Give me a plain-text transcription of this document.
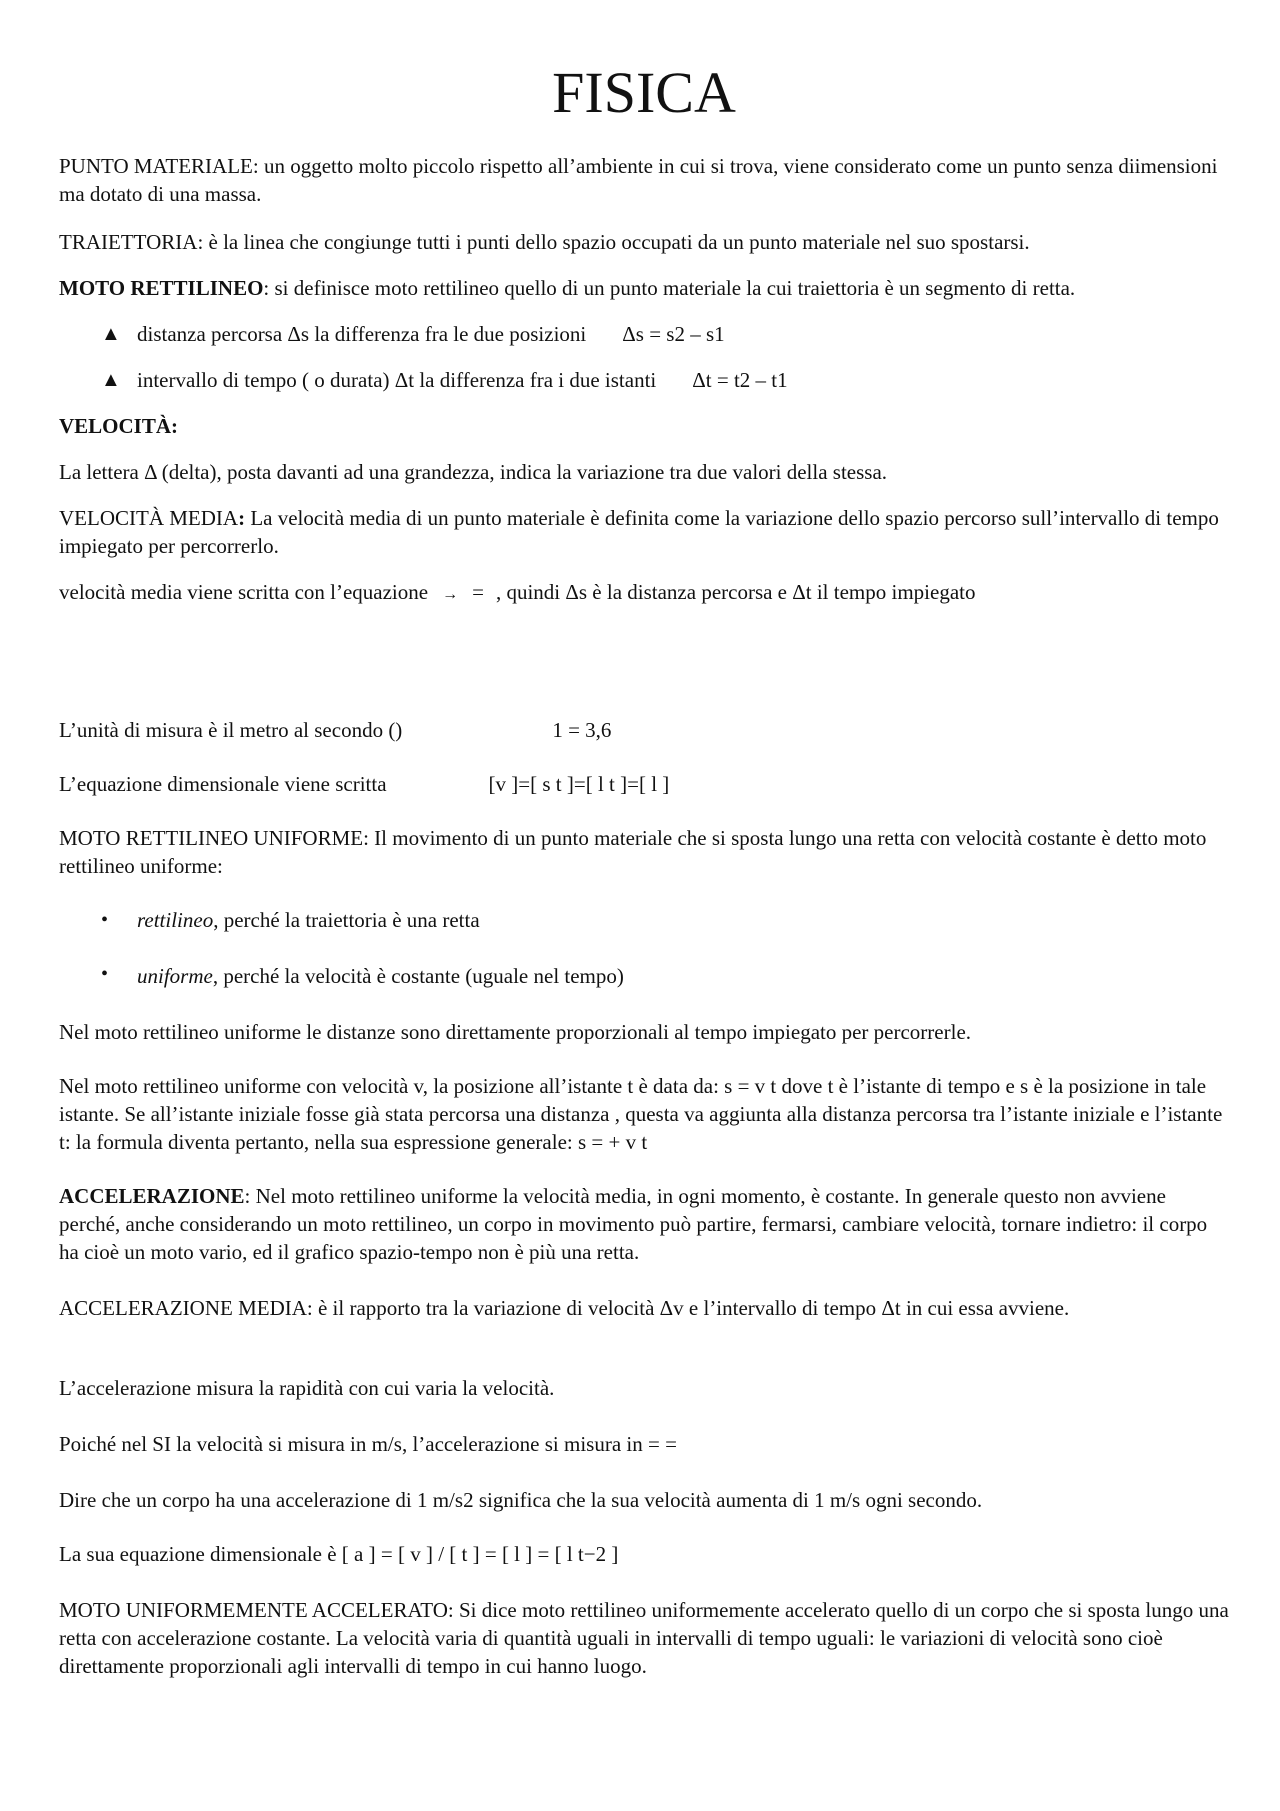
FISICA
PUNTO MATERIALE: un oggetto molto piccolo rispetto all’ambiente in cui si trova, viene considerato come un punto senza diimensioni ma dotato di una massa.
TRAIETTORIA: è la linea che congiunge tutti i punti dello spazio occupati da un punto materiale nel suo spostarsi.
MOTO RETTILINEO: si definisce moto rettilineo quello di un punto materiale la cui traiettoria è un segmento di retta.
▲ distanza percorsa Δs la differenza fra le due posizioni Δs = s2 – s1
▲ intervallo di tempo ( o durata) Δt la differenza fra i due istanti Δt = t2 – t1
VELOCITÀ:
La lettera Δ (delta), posta davanti ad una grandezza, indica la variazione tra due valori della stessa.
VELOCITÀ MEDIA: La velocità media di un punto materiale è definita come la variazione dello spazio percorso sull’intervallo di tempo impiegato per percorrerlo.
velocità media viene scritta con l’equazione → = , quindi Δs è la distanza percorsa e Δt il tempo impiegato
L’unità di misura è il metro al secondo ()	1 = 3,6
L’equazione dimensionale viene scritta	[v ]=[ s t ]=[ l t ]=[ l ]
MOTO RETTILINEO UNIFORME: Il movimento di un punto materiale che si sposta lungo una retta con velocità costante è detto moto rettilineo uniforme:
• rettilineo, perché la traiettoria è una retta
• uniforme, perché la velocità è costante (uguale nel tempo)
Nel moto rettilineo uniforme le distanze sono direttamente proporzionali al tempo impiegato per percorrerle.
Nel moto rettilineo uniforme con velocità v, la posizione all’istante t è data da: s = v t dove t è l’istante di tempo e s è la posizione in tale istante. Se all’istante iniziale fosse già stata percorsa una distanza , questa va aggiunta alla distanza percorsa tra l’istante iniziale e l’istante t: la formula diventa pertanto, nella sua espressione generale: s = + v t
ACCELERAZIONE: Nel moto rettilineo uniforme la velocità media, in ogni momento, è costante. In generale questo non avviene perché, anche considerando un moto rettilineo, un corpo in movimento può partire, fermarsi, cambiare velocità, tornare indietro: il corpo ha cioè un moto vario, ed il grafico spazio-tempo non è più una retta.
ACCELERAZIONE MEDIA: è il rapporto tra la variazione di velocità Δv e l’intervallo di tempo Δt in cui essa avviene.
L’accelerazione misura la rapidità con cui varia la velocità.
Poiché nel SI la velocità si misura in m/s, l’accelerazione si misura in = =
Dire che un corpo ha una accelerazione di 1 m/s2 significa che la sua velocità aumenta di 1 m/s ogni secondo.
La sua equazione dimensionale è [ a ] = [ v ] / [ t ] = [ l ] = [ l t−2 ]
MOTO UNIFORMEMENTE ACCELERATO: Si dice moto rettilineo uniformemente accelerato quello di un corpo che si sposta lungo una retta con accelerazione costante. La velocità varia di quantità uguali in intervalli di tempo uguali: le variazioni di velocità sono cioè direttamente proporzionali agli intervalli di tempo in cui hanno luogo.
